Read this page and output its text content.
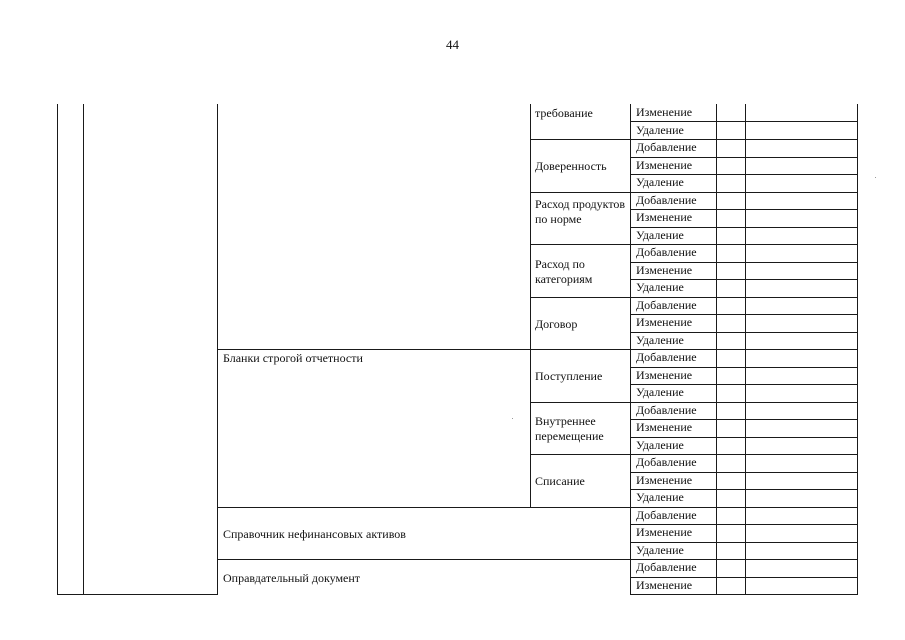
44
Бланки строгой отчетности
Справочник нефинансовых активов
Оправдательный документ
требование
Доверенность
Расход продуктов по норме
Расход по категориям
Договор
Поступление
Внутреннее перемещение
Списание
Изменение
Удаление
Добавление
Изменение
Удаление
Добавление
Изменение
Удаление
Добавление
Изменение
Удаление
Добавление
Изменение
Удаление
Добавление
Изменение
Удаление
Добавление
Изменение
Удаление
Добавление
Изменение
Удаление
Добавление
Изменение
Удаление
Добавление
Изменение
